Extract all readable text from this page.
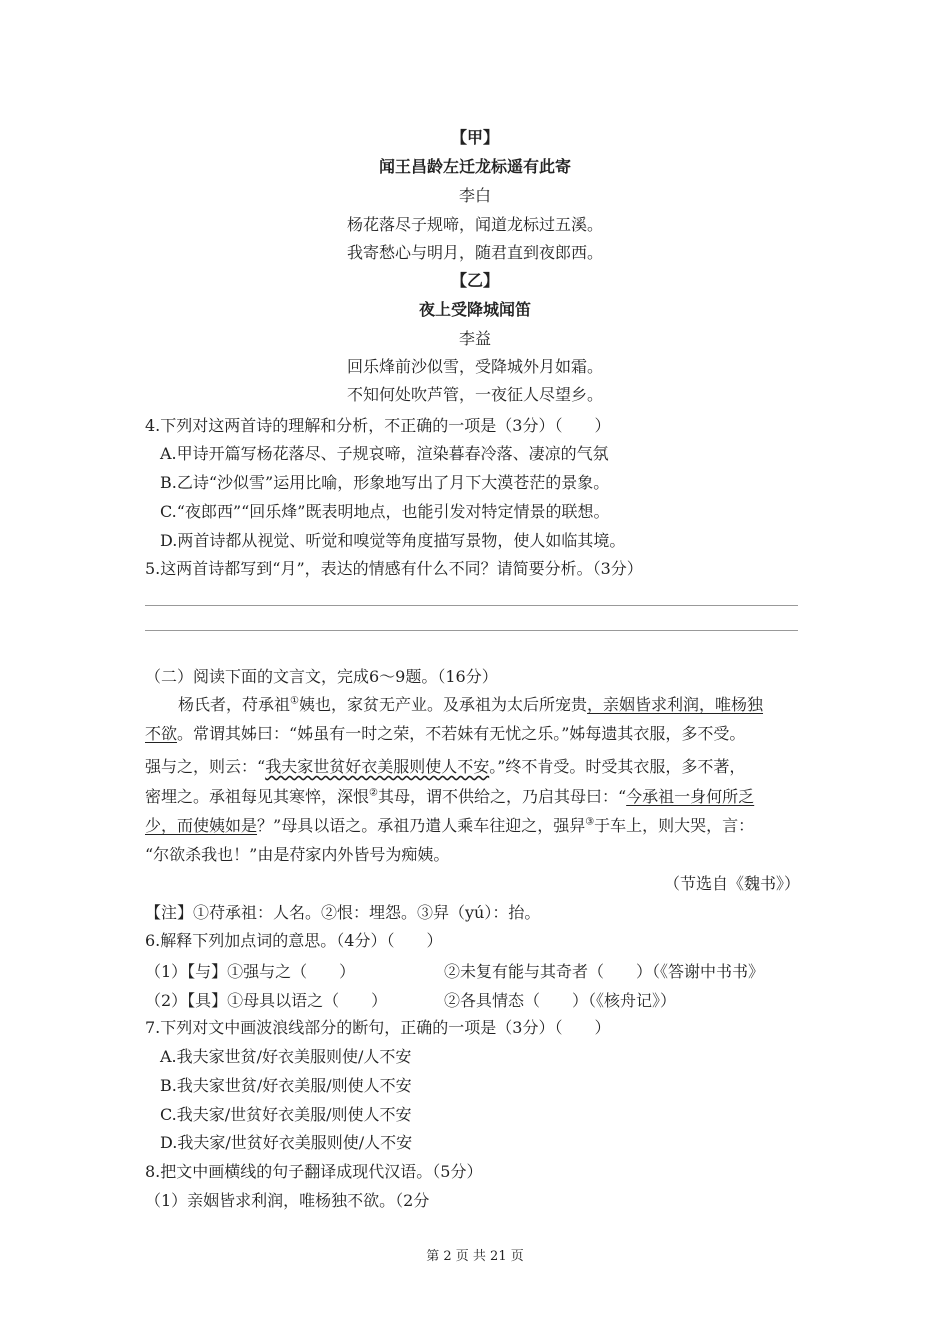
【甲】
闻王昌龄左迁龙标遥有此寄
李白
杨花落尽子规啼，闻道龙标过五溪。
我寄愁心与明月，随君直到夜郎西。
【乙】
夜上受降城闻笛
李益
回乐烽前沙似雪，受降城外月如霜。
不知何处吹芦管，一夜征人尽望乡。
4.下列对这两首诗的理解和分析，不正确的一项是（3分）（　　）
A.甲诗开篇写杨花落尽、子规哀啼，渲染暮春冷落、凄凉的气氛
B.乙诗“沙似雪”运用比喻，形象地写出了月下大漠苍茫的景象。
C.“夜郎西”“回乐烽”既表明地点，也能引发对特定情景的联想。
D.两首诗都从视觉、听觉和嗅觉等角度描写景物，使人如临其境。
5.这两首诗都写到“月”，表达的情感有什么不同？请简要分析。（3分）
（二）阅读下面的文言文，完成6～9题。（16分）
杨氏者，苻承祖①姨也，家贫无产业。及承祖为太后所宠贵，亲姻皆求利润，唯杨独
不欲。常谓其姊曰：“姊虽有一时之荣，不若妹有无忧之乐。”姊每遗其衣服，多不受。
强与之，则云：“我夫家世贫好衣美服则使人不安。”终不肯受。时受其衣服，多不著，
密埋之。承祖每见其寒悴，深恨②其母，谓不供给之，乃启其母曰：“今承祖一身何所乏
少，而使姨如是？”母具以语之。承祖乃遣人乘车往迎之，强舁③于车上，则大哭，言：
“尔欲杀我也！”由是苻家内外皆号为痴姨。
（节选自《魏书》）
【注】①苻承祖：人名。②恨：埋怨。③舁（yú）：抬。
6.解释下列加点词的意思。（4分）（　　）
（1）【与】①强与之（　　）	②未复有能与其奇者（　　）（《答谢中书书》
（2）【具】①母具以语之（　　）	②各具情态（　　）（《核舟记》）
7.下列对文中画波浪线部分的断句，正确的一项是（3分）（　　）
A.我夫家世贫/好衣美服则使/人不安
B.我夫家世贫/好衣美服/则使人不安
C.我夫家/世贫好衣美服/则使人不安
D.我夫家/世贫好衣美服则使/人不安
8.把文中画横线的句子翻译成现代汉语。（5分）
（1）亲姻皆求利润，唯杨独不欲。（2分
第 2 页 共 21 页
